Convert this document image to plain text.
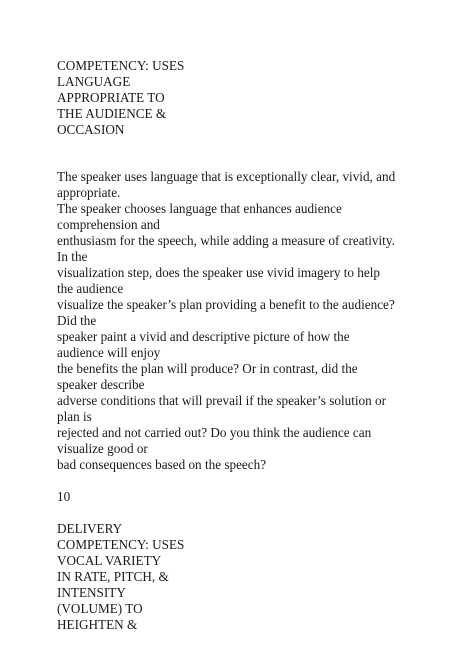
COMPETENCY: USES
LANGUAGE
APPROPRIATE TO
THE AUDIENCE &
OCCASION
The speaker uses language that is exceptionally clear, vivid, and
appropriate.
The speaker chooses language that enhances audience
comprehension and
enthusiasm for the speech, while adding a measure of creativity.
In the
visualization step, does the speaker use vivid imagery to help
the audience
visualize the speaker’s plan providing a benefit to the audience?
Did the
speaker paint a vivid and descriptive picture of how the
audience will enjoy
the benefits the plan will produce? Or in contrast, did the
speaker describe
adverse conditions that will prevail if the speaker’s solution or
plan is
rejected and not carried out? Do you think the audience can
visualize good or
bad consequences based on the speech?
10
DELIVERY
COMPETENCY: USES
VOCAL VARIETY
IN RATE, PITCH, &
INTENSITY
(VOLUME) TO
HEIGHTEN &
